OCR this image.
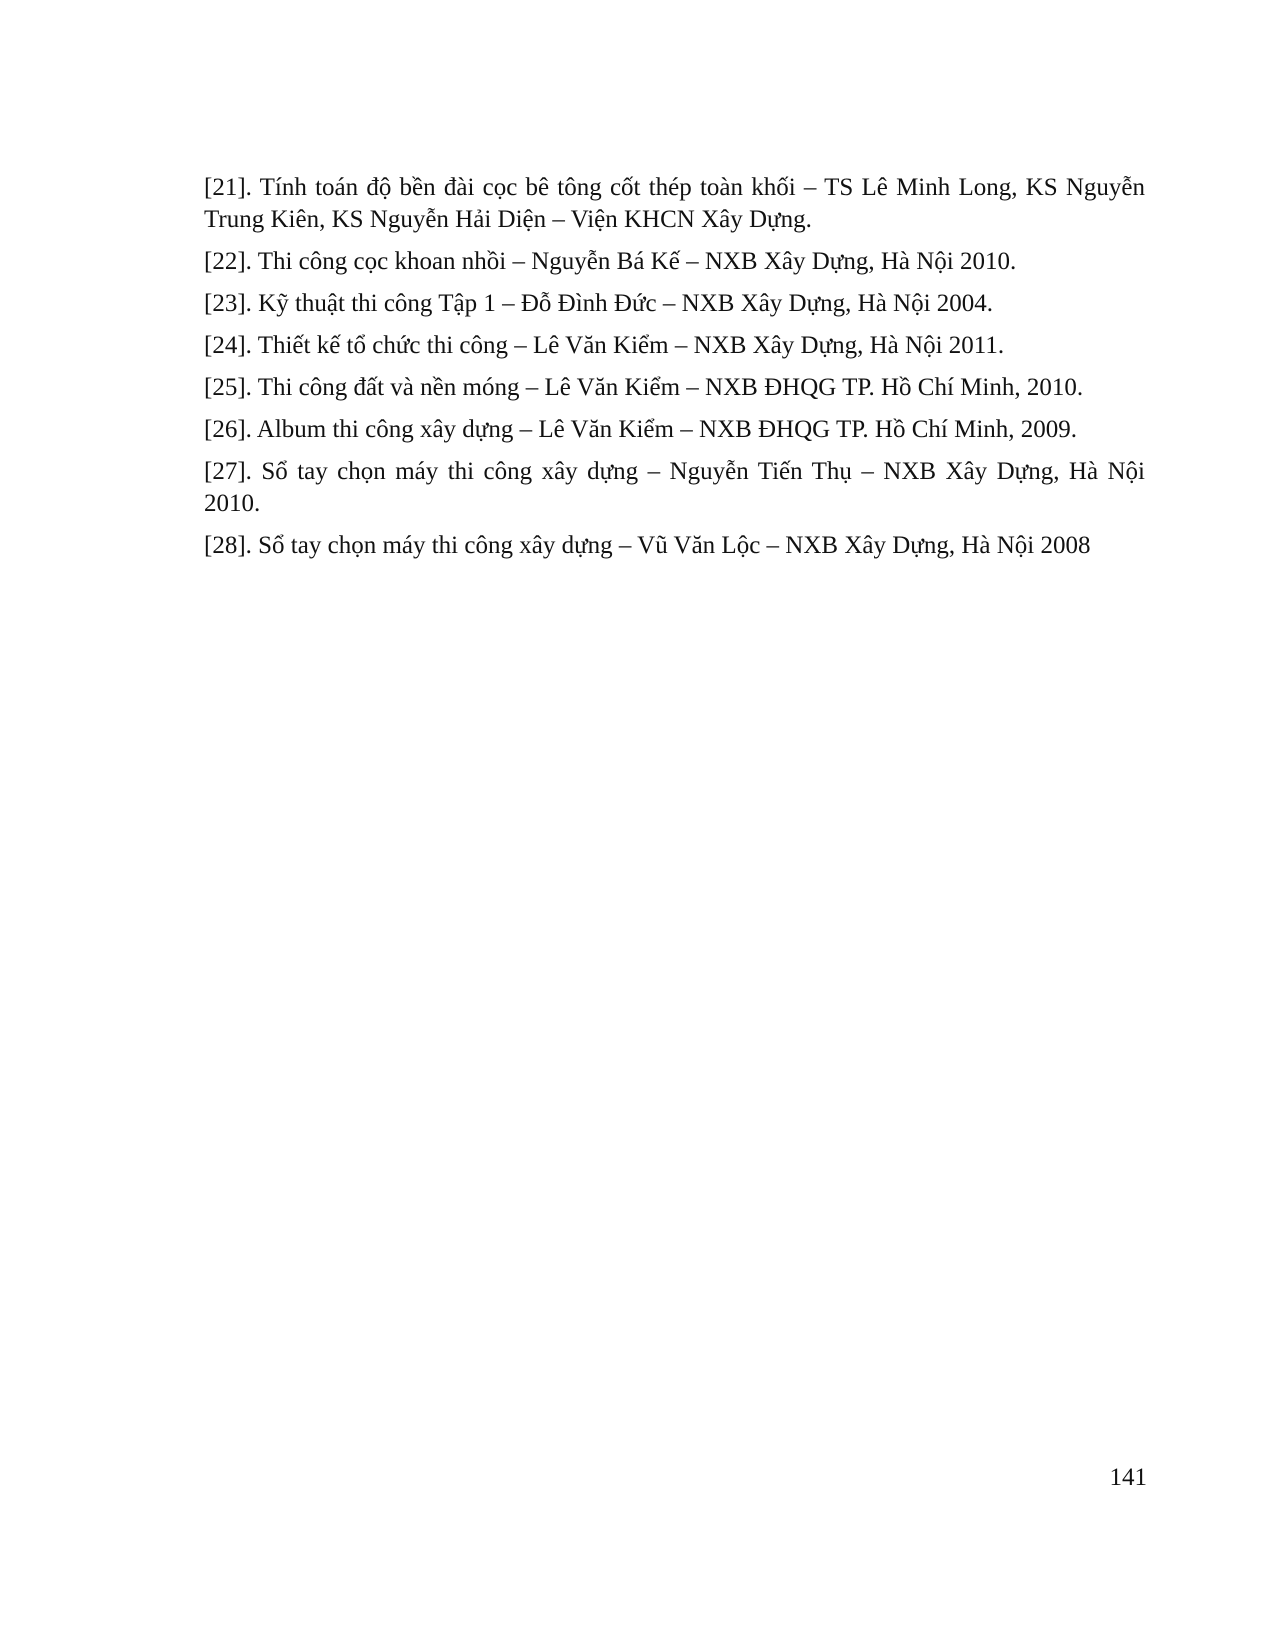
[21]. Tính toán độ bền đài cọc bê tông cốt thép toàn khối – TS Lê Minh Long, KS Nguyễn Trung Kiên, KS Nguyễn Hải Diện – Viện KHCN Xây Dựng.
[22]. Thi công cọc khoan nhồi – Nguyễn Bá Kế – NXB Xây Dựng, Hà Nội 2010.
[23]. Kỹ thuật thi công Tập 1 – Đỗ Đình Đức – NXB Xây Dựng, Hà Nội 2004.
[24]. Thiết kế tổ chức thi công – Lê Văn Kiểm – NXB Xây Dựng, Hà Nội 2011.
[25]. Thi công đất và nền móng – Lê Văn Kiểm – NXB ĐHQG TP. Hồ Chí Minh, 2010.
[26]. Album thi công xây dựng – Lê Văn Kiểm – NXB ĐHQG TP. Hồ Chí Minh, 2009.
[27]. Sổ tay chọn máy thi công xây dựng – Nguyễn Tiến Thụ – NXB Xây Dựng, Hà Nội 2010.
[28]. Sổ tay chọn máy thi công xây dựng – Vũ Văn Lộc – NXB Xây Dựng, Hà Nội 2008
141
